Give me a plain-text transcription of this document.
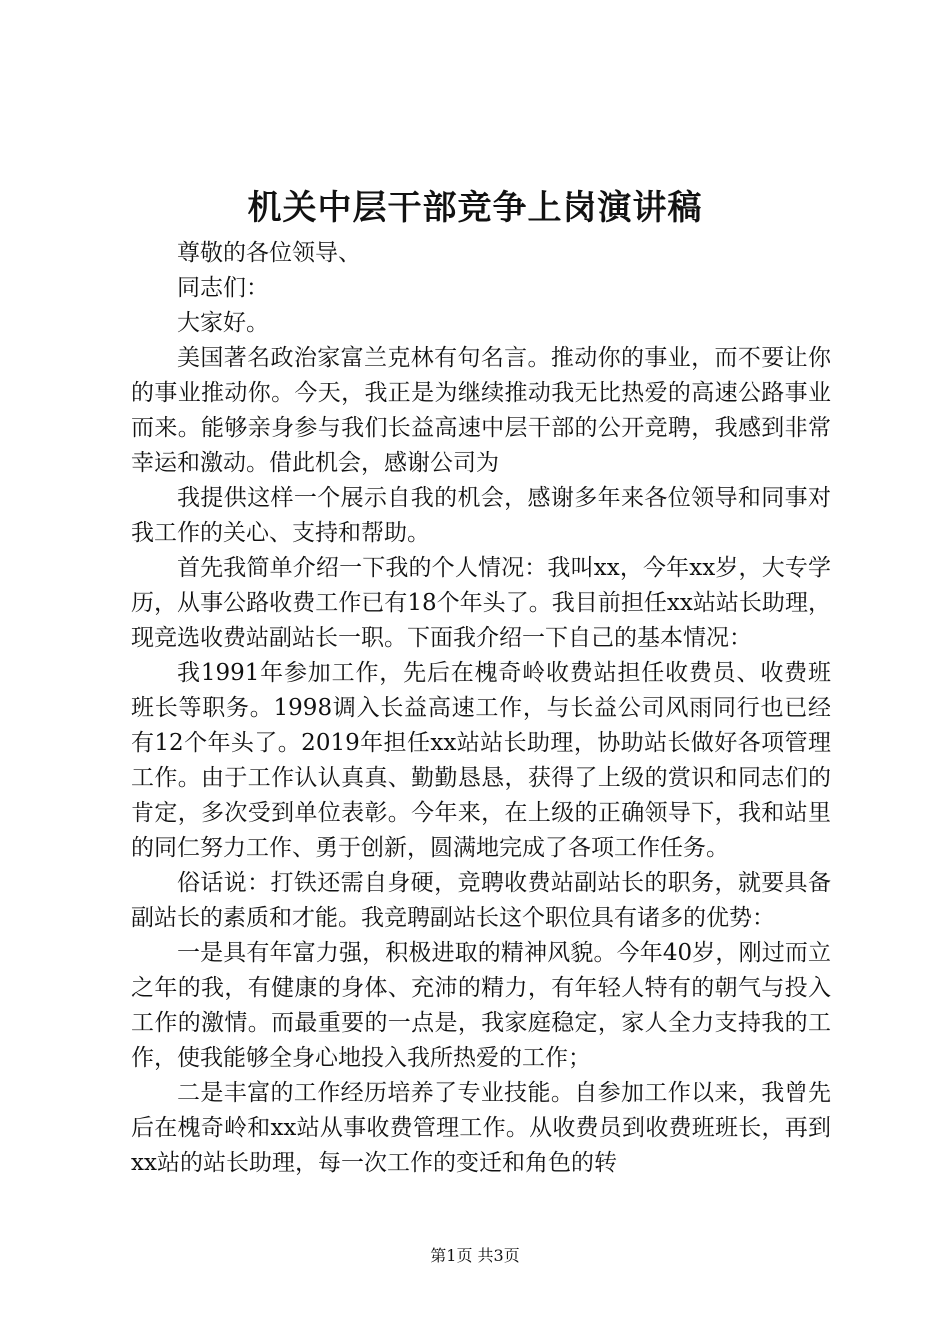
机关中层干部竞争上岗演讲稿

尊敬的各位领导、

同志们：

大家好。

美国著名政治家富兰克林有句名言。推动你的事业，而不要让你的事业推动你。今天，我正是为继续推动我无比热爱的高速公路事业而来。能够亲身参与我们长益高速中层干部的公开竞聘，我感到非常幸运和激动。借此机会，感谢公司为

我提供这样一个展示自我的机会，感谢多年来各位领导和同事对我工作的关心、支持和帮助。

首先我简单介绍一下我的个人情况：我叫xx，今年xx岁，大专学历，从事公路收费工作已有18个年头了。我目前担任xx站站长助理，现竞选收费站副站长一职。下面我介绍一下自己的基本情况：

我1991年参加工作，先后在槐奇岭收费站担任收费员、收费班班长等职务。1998调入长益高速工作，与长益公司风雨同行也已经有12个年头了。2019年担任xx站站长助理，协助站长做好各项管理工作。由于工作认认真真、勤勤恳恳，获得了上级的赏识和同志们的肯定，多次受到单位表彰。今年来，在上级的正确领导下，我和站里的同仁努力工作、勇于创新，圆满地完成了各项工作任务。

俗话说：打铁还需自身硬，竞聘收费站副站长的职务，就要具备副站长的素质和才能。我竞聘副站长这个职位具有诸多的优势：

一是具有年富力强，积极进取的精神风貌。今年40岁，刚过而立之年的我，有健康的身体、充沛的精力，有年轻人特有的朝气与投入工作的激情。而最重要的一点是，我家庭稳定，家人全力支持我的工作，使我能够全身心地投入我所热爱的工作；

二是丰富的工作经历培养了专业技能。自参加工作以来，我曾先后在槐奇岭和xx站从事收费管理工作。从收费员到收费班班长，再到xx站的站长助理，每一次工作的变迁和角色的转

第1页 共3页
